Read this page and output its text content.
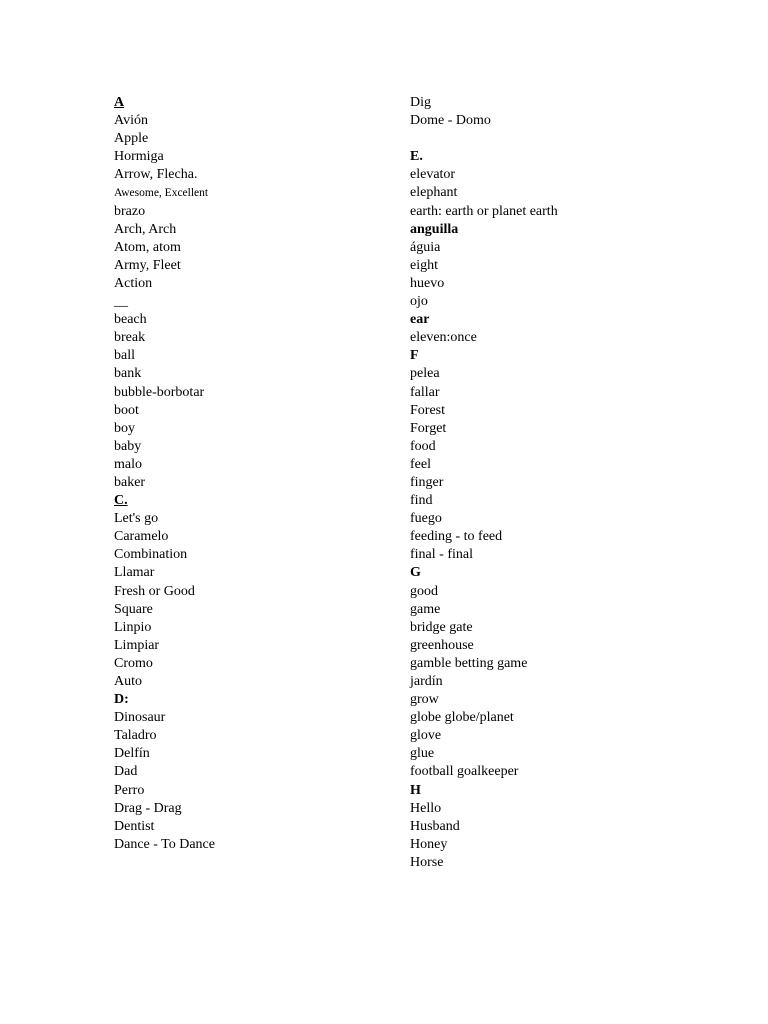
A
Avión
Apple
Hormiga
Arrow, Flecha.
Awesome, Excellent
brazo
Arch, Arch
Atom, atom
Army, Fleet
Action
__
beach
break
ball
bank
bubble-borbotar
boot
boy
baby
malo
baker
C.
Let's go
Caramelo
Combination
Llamar
Fresh or Good
Square
Linpio
Limpiar
Cromo
Auto
D:
Dinosaur
Taladro
Delfín
Dad
Perro
Drag - Drag
Dentist
Dance - To Dance
Dig
Dome - Domo
E.
elevator
elephant
earth: earth or planet earth
anguilla
águia
eight
huevo
ojo
ear
eleven:once
F
pelea
fallar
Forest
Forget
food
feel
finger
find
fuego
feeding - to feed
final - final
G
good
game
bridge gate
greenhouse
gamble betting game
jardín
grow
globe globe/planet
glove
glue
football goalkeeper
H
Hello
Husband
Honey
Horse
